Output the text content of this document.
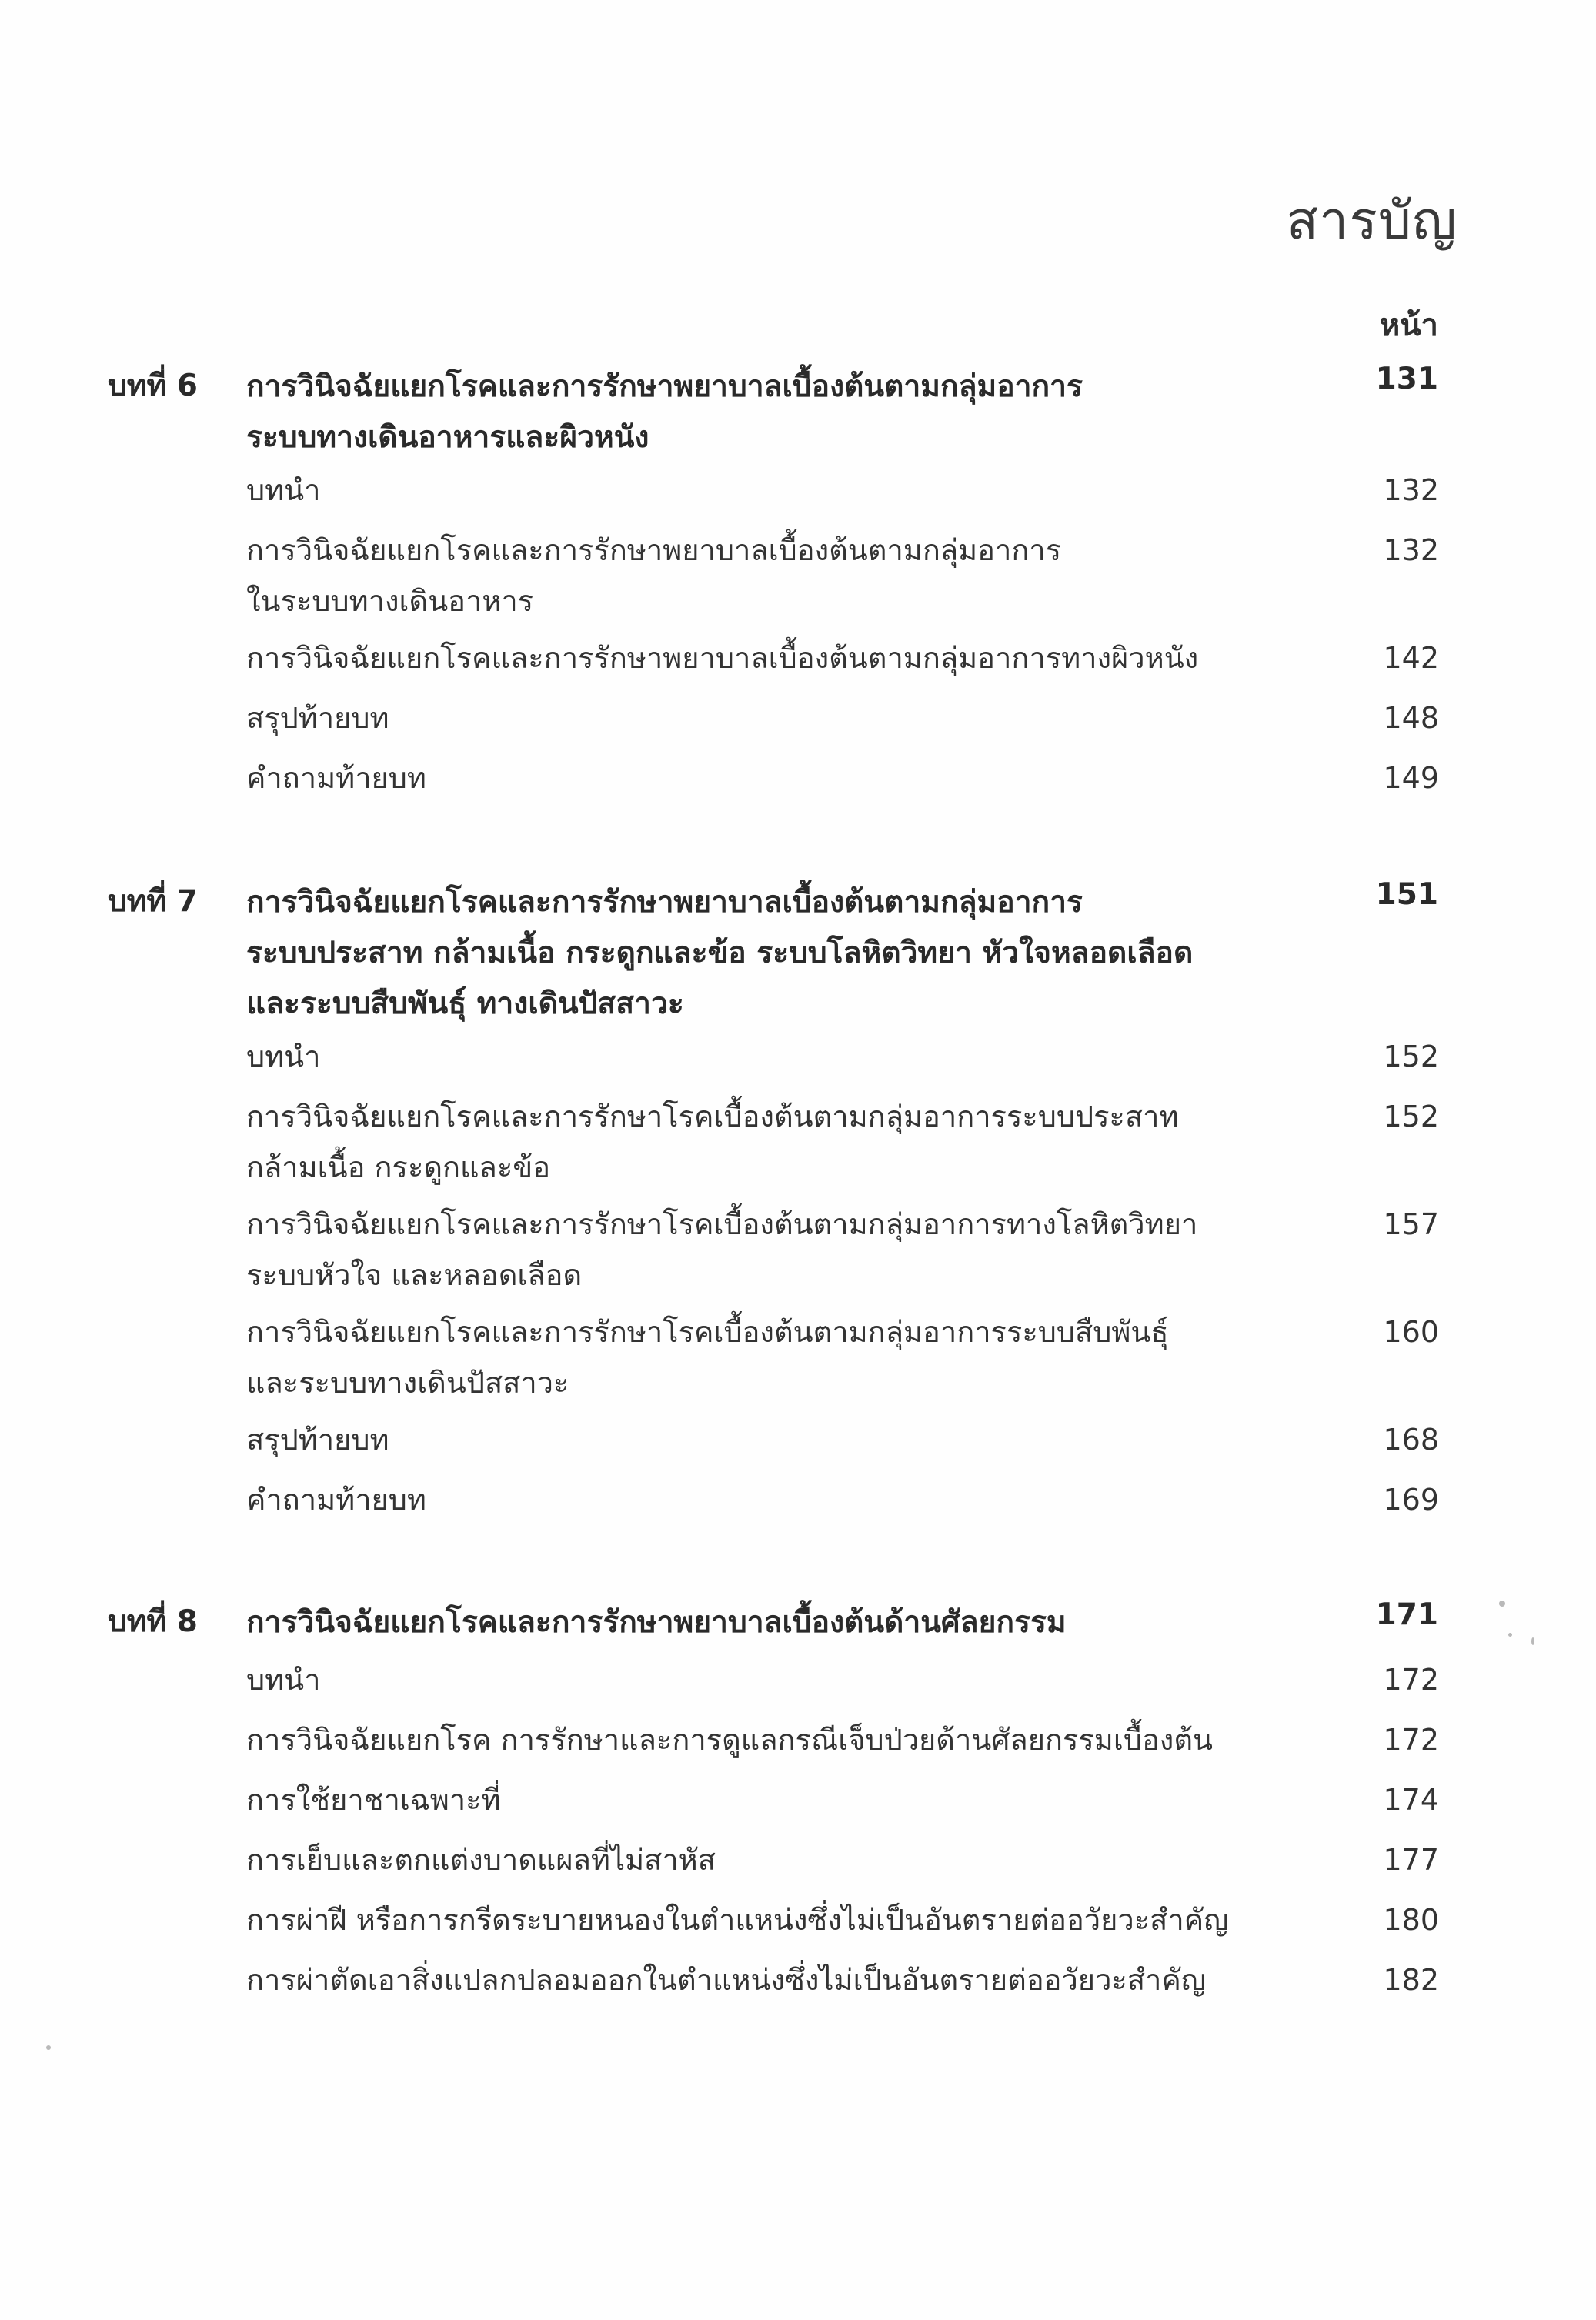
สารบัญ
หน้า
บทที่ 6 การวินิจฉัยแยกโรคและการรักษาพยาบาลเบื้องต้นตามกลุ่มอาการ
ระบบทางเดินอาหารและผิวหนัง
131
บทนำ	132
การวินิจฉัยแยกโรคและการรักษาพยาบาลเบื้องต้นตามกลุ่มอาการ
ในระบบทางเดินอาหาร
132
การวินิจฉัยแยกโรคและการรักษาพยาบาลเบื้องต้นตามกลุ่มอาการทางผิวหนัง	142
สรุปท้ายบท	148
คำถามท้ายบท	149
บทที่ 7 การวินิจฉัยแยกโรคและการรักษาพยาบาลเบื้องต้นตามกลุ่มอาการ
ระบบประสาท กล้ามเนื้อ กระดูกและข้อ ระบบโลหิตวิทยา หัวใจหลอดเลือด
และระบบสืบพันธุ์ ทางเดินปัสสาวะ
151
บทนำ	152
การวินิจฉัยแยกโรคและการรักษาโรคเบื้องต้นตามกลุ่มอาการระบบประสาท
กล้ามเนื้อ กระดูกและข้อ
152
การวินิจฉัยแยกโรคและการรักษาโรคเบื้องต้นตามกลุ่มอาการทางโลหิตวิทยา
ระบบหัวใจ และหลอดเลือด
157
การวินิจฉัยแยกโรคและการรักษาโรคเบื้องต้นตามกลุ่มอาการระบบสืบพันธุ์
และระบบทางเดินปัสสาวะ
160
สรุปท้ายบท	168
คำถามท้ายบท	169
บทที่ 8 การวินิจฉัยแยกโรคและการรักษาพยาบาลเบื้องต้นด้านศัลยกรรม	171
บทนำ	172
การวินิจฉัยแยกโรค การรักษาและการดูแลกรณีเจ็บป่วยด้านศัลยกรรมเบื้องต้น	172
การใช้ยาชาเฉพาะที่	174
การเย็บและตกแต่งบาดแผลที่ไม่สาหัส	177
การผ่าฝี หรือการกรีดระบายหนองในตำแหน่งซึ่งไม่เป็นอันตรายต่ออวัยวะสำคัญ	180
การผ่าตัดเอาสิ่งแปลกปลอมออกในตำแหน่งซึ่งไม่เป็นอันตรายต่ออวัยวะสำคัญ	182
